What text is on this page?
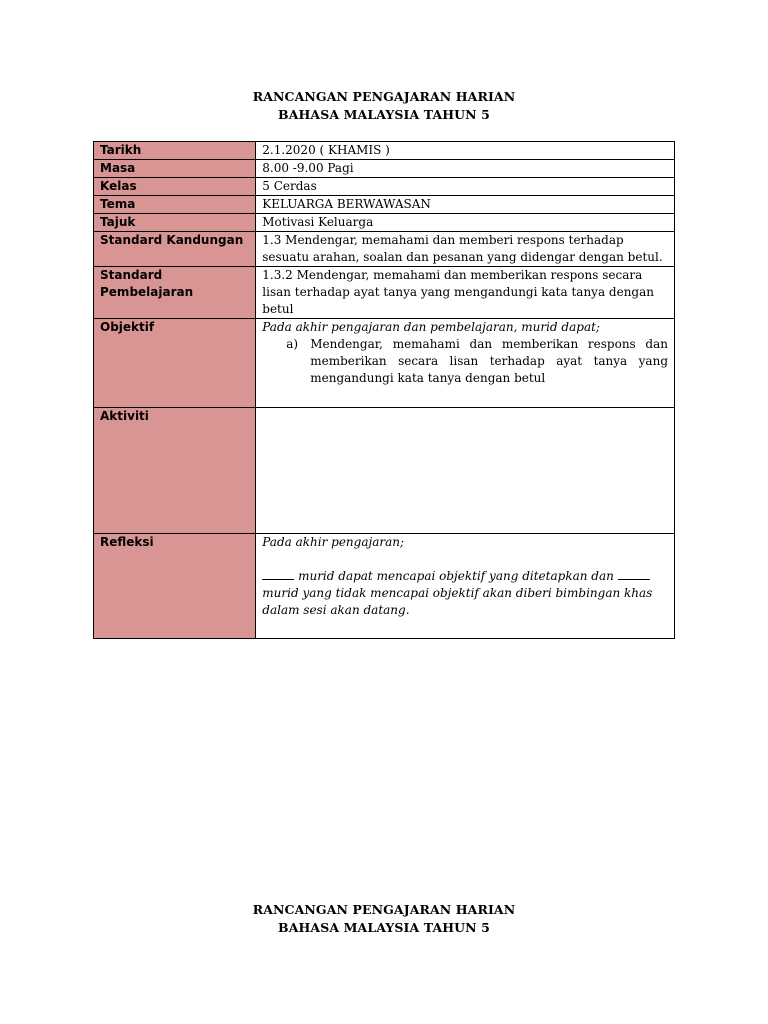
RANCANGAN PENGAJARAN HARIAN
BAHASA MALAYSIA TAHUN 5
Tarikh	2.1.2020 ( KHAMIS )
Masa	8.00 -9.00 Pagi
Kelas	5 Cerdas
Tema	KELUARGA BERWAWASAN
Tajuk	Motivasi Keluarga
Standard Kandungan	1.3 Mendengar, memahami dan memberi respons terhadap sesuatu arahan, soalan dan pesanan yang didengar dengan betul.
Standard Pembelajaran	1.3.2 Mendengar, memahami dan memberikan respons secara lisan terhadap ayat tanya yang mengandungi kata tanya dengan betul
Objektif	Pada akhir pengajaran dan pembelajaran, murid dapat;
a) Mendengar, memahami dan memberikan respons dan memberikan secara lisan terhadap ayat tanya yang mengandungi kata tanya dengan betul

Aktiviti	
Refleksi	Pada akhir pengajaran;
murid dapat mencapai objektif yang ditetapkan dan  murid yang tidak mencapai objektif akan diberi bimbingan khas dalam sesi akan datang.
RANCANGAN PENGAJARAN HARIAN
BAHASA MALAYSIA TAHUN 5
